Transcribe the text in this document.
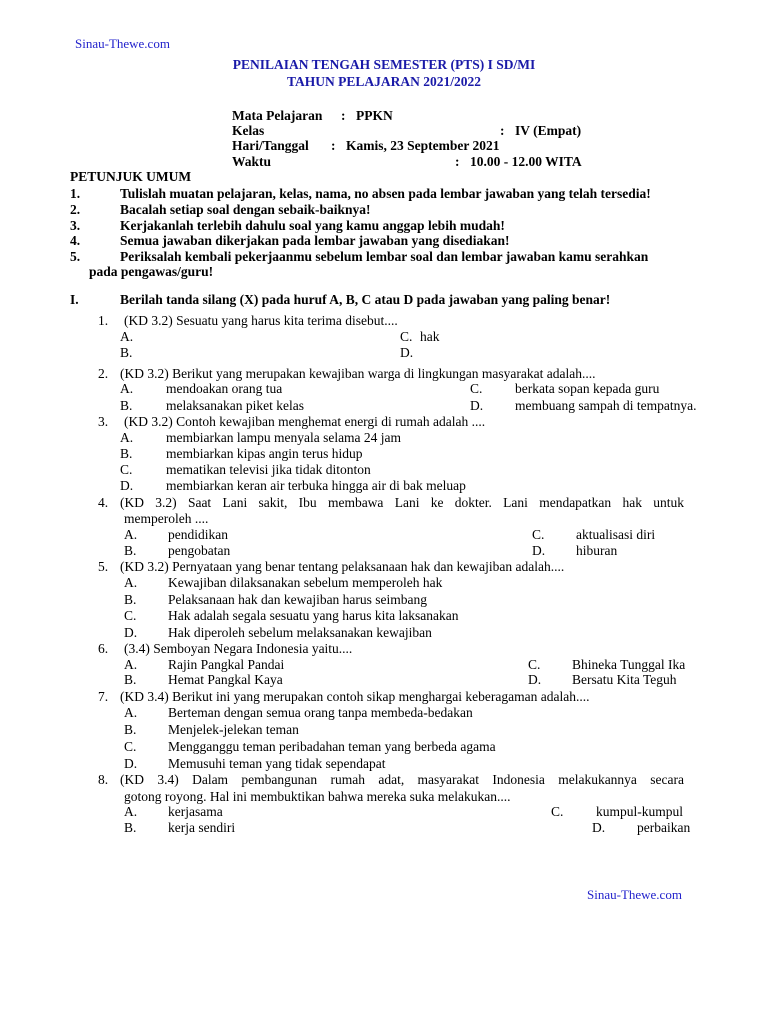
Sinau-Thewe.com
PENILAIAN TENGAH SEMESTER (PTS) I SD/MI
TAHUN PELAJARAN 2021/2022
Mata Pelajaran : PPKN
Kelas	: IV (Empat)
Hari/Tanggal : Kamis, 23 September 2021
Waktu	: 10.00 - 12.00 WITA
PETUNJUK UMUM
1.	Tulislah muatan pelajaran, kelas, nama, no absen pada lembar jawaban yang telah tersedia!
2.	Bacalah setiap soal dengan sebaik-baiknya!
3.	Kerjakanlah terlebih dahulu soal yang kamu anggap lebih mudah!
4.	Semua jawaban dikerjakan pada lembar jawaban yang disediakan!
5.	Periksalah kembali pekerjaanmu sebelum lembar soal dan lembar jawaban kamu serahkan
pada pengawas/guru!
I.	Berilah tanda silang (X) pada huruf A, B, C atau D pada jawaban yang paling benar!
1. (KD 3.2) Sesuatu yang harus kita terima disebut....
A.
B.
C. hak
D.
2. (KD 3.2) Berikut yang merupakan kewajiban warga di lingkungan masyarakat adalah....
A. mendoakan orang tua
B. melaksanakan piket kelas
C. berkata sopan kepada guru
D. membuang sampah di tempatnya.
3. (KD 3.2) Contoh kewajiban menghemat energi di rumah adalah ....
A. membiarkan lampu menyala selama 24 jam
B. membiarkan kipas angin terus hidup
C. mematikan televisi jika tidak ditonton
D. membiarkan keran air terbuka hingga air di bak meluap
4. (KD 3.2) Saat Lani sakit, Ibu membawa Lani ke dokter. Lani mendapatkan hak untuk
memperoleh ....
A. pendidikan
B. pengobatan
C. aktualisasi diri
D. hiburan
5. (KD 3.2) Pernyataan yang benar tentang pelaksanaan hak dan kewajiban adalah....
A. Kewajiban dilaksanakan sebelum memperoleh hak
B. Pelaksanaan hak dan kewajiban harus seimbang
C. Hak adalah segala sesuatu yang harus kita laksanakan
D. Hak diperoleh sebelum melaksanakan kewajiban
6. (3.4) Semboyan Negara Indonesia yaitu....
A. Rajin Pangkal Pandai
B. Hemat Pangkal Kaya
C. Bhineka Tunggal Ika
D. Bersatu Kita Teguh
7. (KD 3.4) Berikut ini yang merupakan contoh sikap menghargai keberagaman adalah....
A. Berteman dengan semua orang tanpa membeda-bedakan
B. Menjelek-jelekan teman
C. Mengganggu teman peribadahan teman yang berbeda agama
D. Memusuhi teman yang tidak sependapat
8. (KD 3.4) Dalam pembangunan rumah adat, masyarakat Indonesia melakukannya secara
gotong royong. Hal ini membuktikan bahwa mereka suka melakukan....
A. kerjasama
B. kerja sendiri
C. kumpul-kumpul
D. perbaikan
Sinau-Thewe.com
